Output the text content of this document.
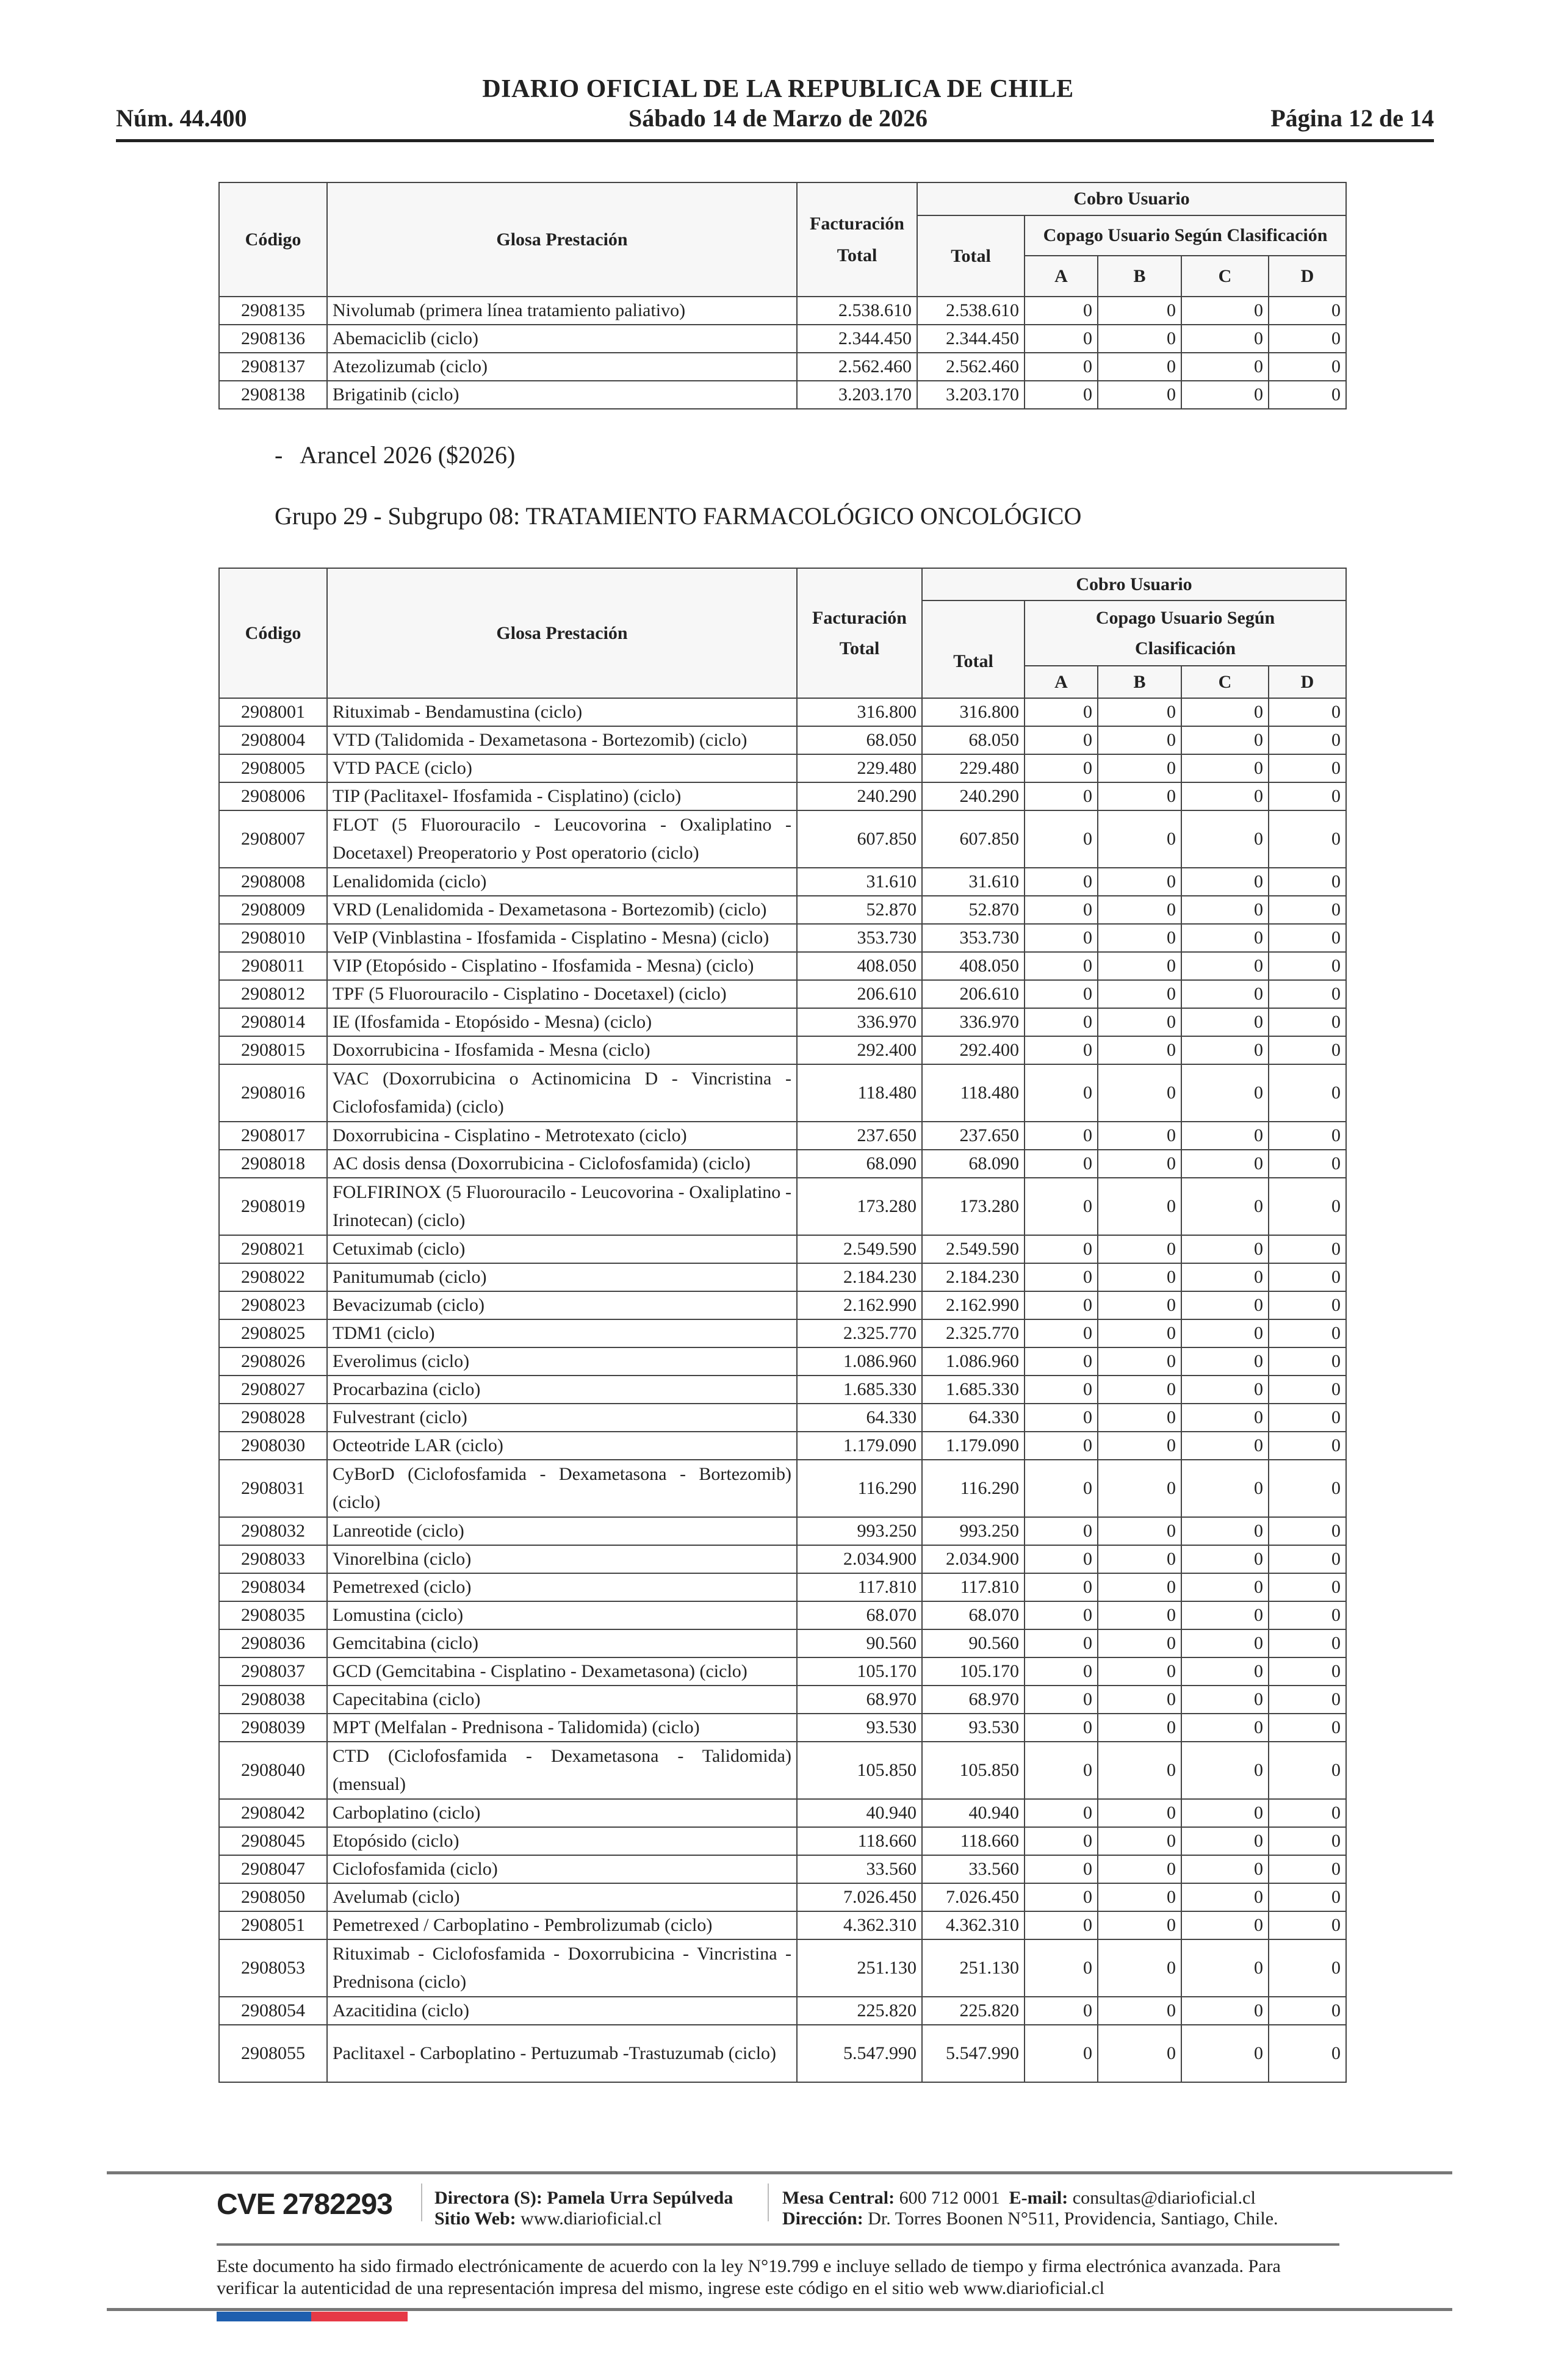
DIARIO OFICIAL DE LA REPUBLICA DE CHILE
Núm. 44.400	Sábado 14 de Marzo de 2026	Página 12 de 14
Código	Glosa Prestación	Facturación Total	Cobro Usuario				
			Total	Copago Usuario Según Clasificación			
				A	B	C	D
2908135	Nivolumab (primera línea tratamiento paliativo)	2.538.610	2.538.610	0	0	0	0
2908136	Abemaciclib (ciclo)	2.344.450	2.344.450	0	0	0	0
2908137	Atezolizumab (ciclo)	2.562.460	2.562.460	0	0	0	0
2908138	Brigatinib (ciclo)	3.203.170	3.203.170	0	0	0	0
-   Arancel 2026 ($2026)
Grupo 29 - Subgrupo 08: TRATAMIENTO FARMACOLÓGICO ONCOLÓGICO
Código	Glosa Prestación	Facturación Total	Cobro Usuario				
			Total	Copago Usuario Según Clasificación			
				A	B	C	D
2908001	Rituximab - Bendamustina (ciclo)	316.800	316.800	0	0	0	0
2908004	VTD (Talidomida - Dexametasona - Bortezomib) (ciclo)	68.050	68.050	0	0	0	0
2908005	VTD PACE (ciclo)	229.480	229.480	0	0	0	0
2908006	TIP (Paclitaxel- Ifosfamida - Cisplatino) (ciclo)	240.290	240.290	0	0	0	0
2908007	FLOT (5 Fluorouracilo - Leucovorina - Oxaliplatino - Docetaxel) Preoperatorio y Post operatorio (ciclo)	607.850	607.850	0	0	0	0
2908008	Lenalidomida (ciclo)	31.610	31.610	0	0	0	0
2908009	VRD (Lenalidomida - Dexametasona - Bortezomib) (ciclo)	52.870	52.870	0	0	0	0
2908010	VeIP (Vinblastina - Ifosfamida - Cisplatino - Mesna) (ciclo)	353.730	353.730	0	0	0	0
2908011	VIP (Etopósido - Cisplatino - Ifosfamida - Mesna) (ciclo)	408.050	408.050	0	0	0	0
2908012	TPF (5 Fluorouracilo - Cisplatino - Docetaxel) (ciclo)	206.610	206.610	0	0	0	0
2908014	IE (Ifosfamida - Etopósido - Mesna) (ciclo)	336.970	336.970	0	0	0	0
2908015	Doxorrubicina - Ifosfamida - Mesna (ciclo)	292.400	292.400	0	0	0	0
2908016	VAC (Doxorrubicina o Actinomicina D - Vincristina - Ciclofosfamida) (ciclo)	118.480	118.480	0	0	0	0
2908017	Doxorrubicina - Cisplatino - Metrotexato (ciclo)	237.650	237.650	0	0	0	0
2908018	AC dosis densa (Doxorrubicina - Ciclofosfamida) (ciclo)	68.090	68.090	0	0	0	0
2908019	FOLFIRINOX (5 Fluorouracilo - Leucovorina - Oxaliplatino - Irinotecan) (ciclo)	173.280	173.280	0	0	0	0
2908021	Cetuximab (ciclo)	2.549.590	2.549.590	0	0	0	0
2908022	Panitumumab (ciclo)	2.184.230	2.184.230	0	0	0	0
2908023	Bevacizumab (ciclo)	2.162.990	2.162.990	0	0	0	0
2908025	TDM1 (ciclo)	2.325.770	2.325.770	0	0	0	0
2908026	Everolimus (ciclo)	1.086.960	1.086.960	0	0	0	0
2908027	Procarbazina (ciclo)	1.685.330	1.685.330	0	0	0	0
2908028	Fulvestrant (ciclo)	64.330	64.330	0	0	0	0
2908030	Octeotride LAR (ciclo)	1.179.090	1.179.090	0	0	0	0
2908031	CyBorD (Ciclofosfamida - Dexametasona - Bortezomib) (ciclo)	116.290	116.290	0	0	0	0
2908032	Lanreotide (ciclo)	993.250	993.250	0	0	0	0
2908033	Vinorelbina (ciclo)	2.034.900	2.034.900	0	0	0	0
2908034	Pemetrexed (ciclo)	117.810	117.810	0	0	0	0
2908035	Lomustina (ciclo)	68.070	68.070	0	0	0	0
2908036	Gemcitabina (ciclo)	90.560	90.560	0	0	0	0
2908037	GCD (Gemcitabina - Cisplatino - Dexametasona) (ciclo)	105.170	105.170	0	0	0	0
2908038	Capecitabina (ciclo)	68.970	68.970	0	0	0	0
2908039	MPT (Melfalan - Prednisona - Talidomida) (ciclo)	93.530	93.530	0	0	0	0
2908040	CTD (Ciclofosfamida - Dexametasona - Talidomida) (mensual)	105.850	105.850	0	0	0	0
2908042	Carboplatino (ciclo)	40.940	40.940	0	0	0	0
2908045	Etopósido (ciclo)	118.660	118.660	0	0	0	0
2908047	Ciclofosfamida (ciclo)	33.560	33.560	0	0	0	0
2908050	Avelumab (ciclo)	7.026.450	7.026.450	0	0	0	0
2908051	Pemetrexed / Carboplatino - Pembrolizumab (ciclo)	4.362.310	4.362.310	0	0	0	0
2908053	Rituximab - Ciclofosfamida - Doxorrubicina - Vincristina - Prednisona (ciclo)	251.130	251.130	0	0	0	0
2908054	Azacitidina (ciclo)	225.820	225.820	0	0	0	0
2908055	Paclitaxel - Carboplatino - Pertuzumab -Trastuzumab (ciclo)	5.547.990	5.547.990	0	0	0	0
CVE 2782293 Directora (S): Pamela Urra Sepúlveda
Sitio Web: www.diarioficial.cl
Mesa Central: 600 712 0001 E-mail: consultas@diarioficial.cl
Dirección: Dr. Torres Boonen N°511, Providencia, Santiago, Chile.
Este documento ha sido firmado electrónicamente de acuerdo con la ley N°19.799 e incluye sellado de tiempo y firma electrónica avanzada. Para verificar la autenticidad de una representación impresa del mismo, ingrese este código en el sitio web www.diarioficial.cl
